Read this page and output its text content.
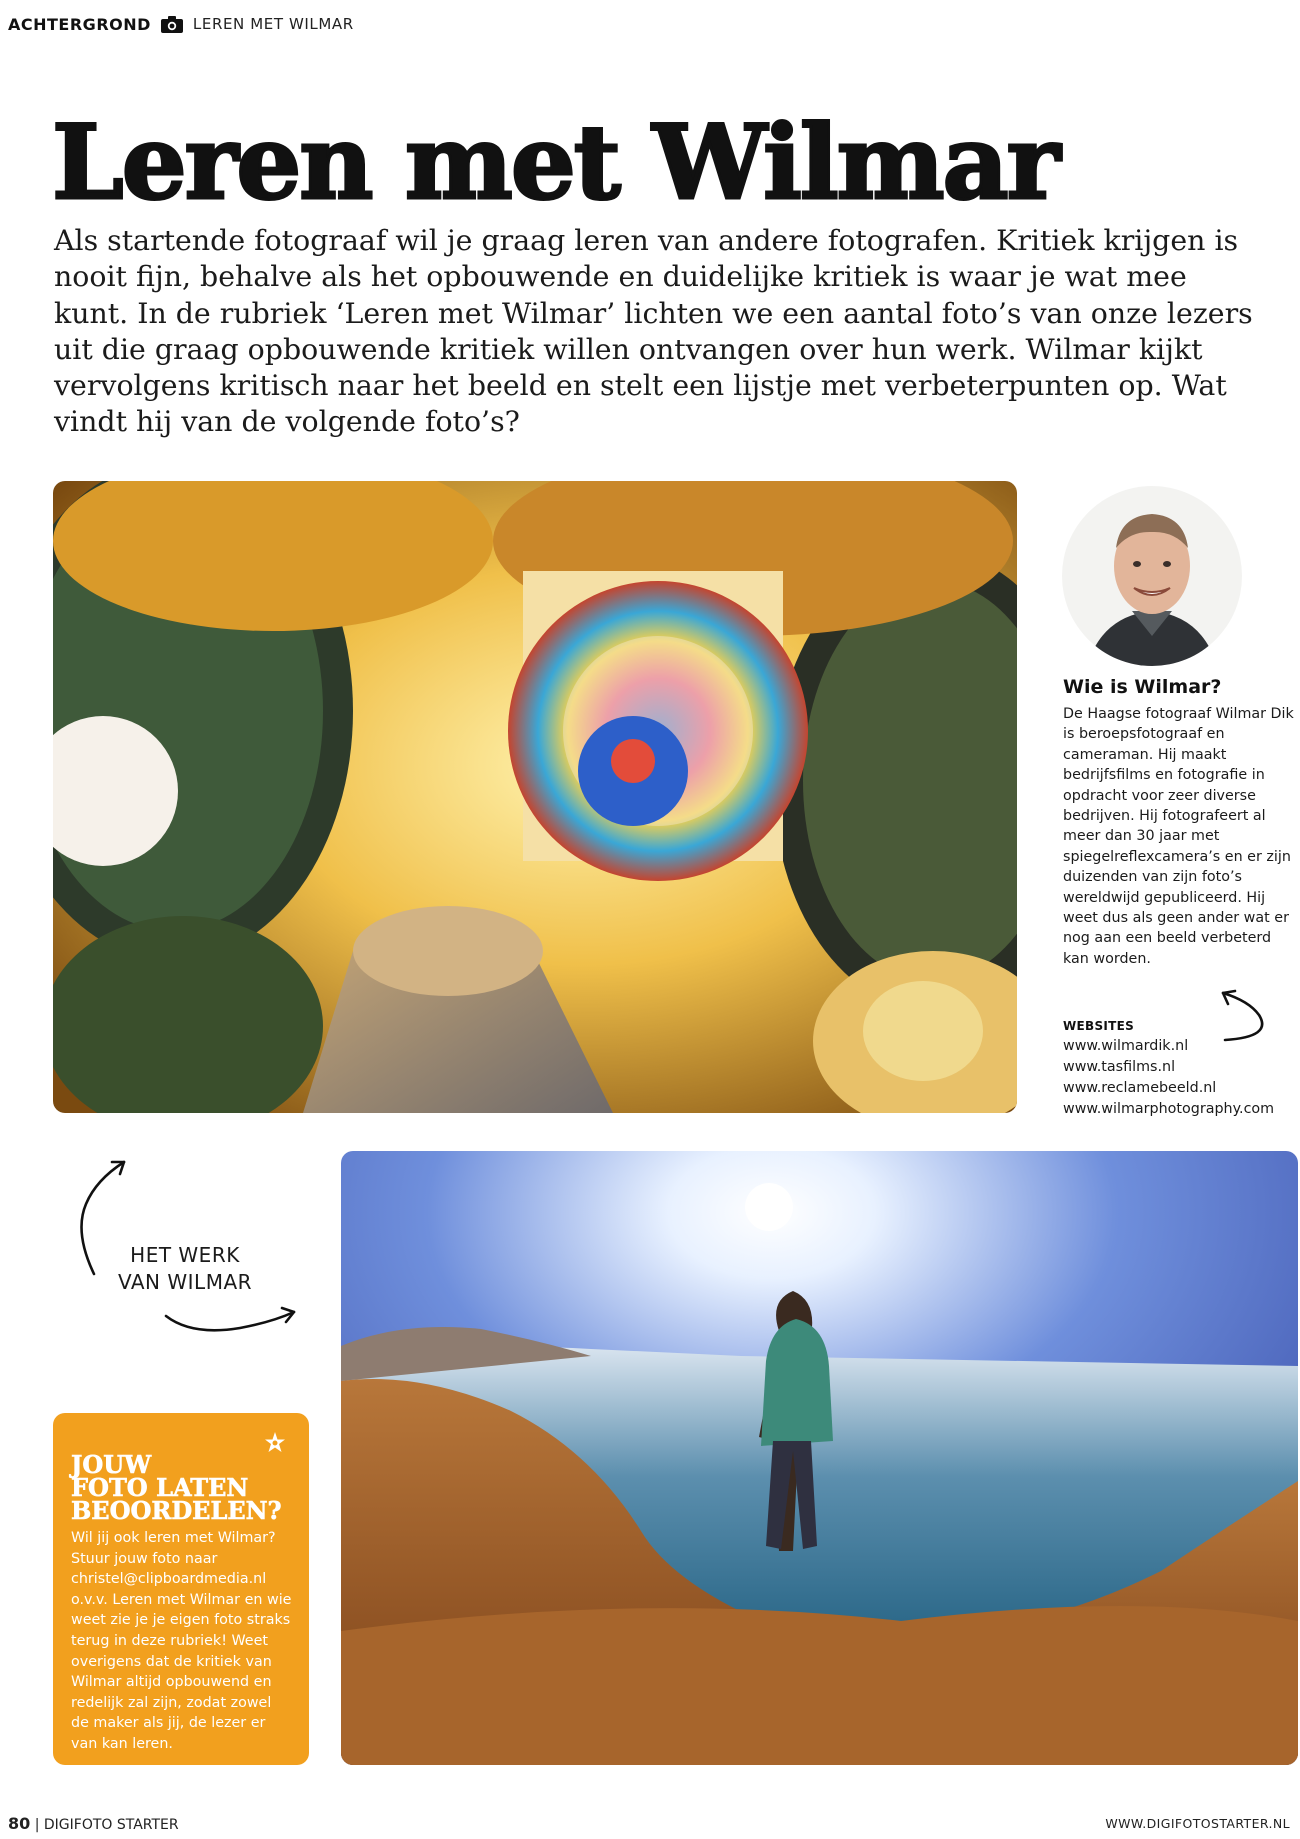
ACHTERGROND	LEREN MET WILMAR
Leren met Wilmar

Als startende fotograaf wil je graag leren van andere fotografen. Kritiek krijgen is nooit fijn, behalve als het opbouwende en duidelijke kritiek is waar je wat mee kunt. In de rubriek ‘Leren met Wilmar’ lichten we een aantal foto’s van onze lezers uit die graag opbouwende kritiek willen ontvangen over hun werk. Wilmar kijkt vervolgens kritisch naar het beeld en stelt een lijstje met verbeterpunten op. Wat vindt hij van de volgende foto’s?

Wie is Wilmar?

De Haagse fotograaf Wilmar Dik is beroepsfotograaf en cameraman. Hij maakt bedrijfsfilms en fotografie in opdracht voor zeer diverse bedrijven. Hij fotografeert al meer dan 30 jaar met spiegelreflexcamera’s en er zijn duizenden van zijn foto’s wereldwijd gepubliceerd. Hij weet dus als geen ander wat er nog aan een beeld verbeterd kan worden.

WEBSITES
www.wilmardik.nl
www.tasfilms.nl
www.reclamebeeld.nl
www.wilmarphotography.com
HET WERK
VAN WILMAR
JOUW
FOTO LATEN
BEOORDELEN?

Wil jij ook leren met Wilmar? Stuur jouw foto naar christel@clipboardmedia.nl o.v.v. Leren met Wilmar en wie weet zie je je eigen foto straks terug in deze rubriek! Weet overigens dat de kritiek van Wilmar altijd opbouwend en redelijk zal zijn, zodat zowel de maker als jij, de lezer er van kan leren.

80 | DIGIFOTO STARTER	WWW.DIGIFOTOSTARTER.NL
